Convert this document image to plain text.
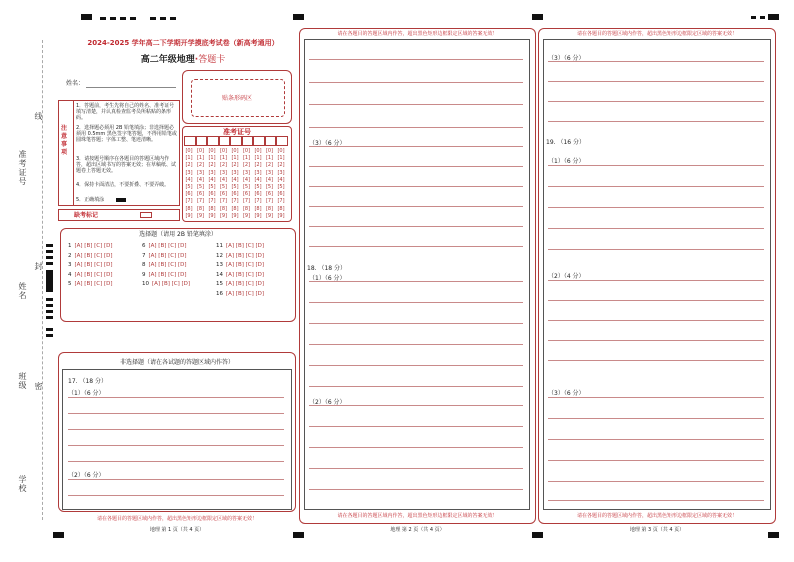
准考证号
线
姓名
封
班级 密
学校
2024-2025 学年高二下学期开学摸底考试卷（新高考通用）
高二年级地理·答题卡
姓名：
贴条形码区
注意事项
1．答题前，考生先将自己的姓名、准考证号填写清楚，并认真检查监考员所粘贴的条形码。
2．选择题必须用 2B 铅笔填涂；非选择题必须用 0.5mm 黑色签字笔答题，不得用铅笔或圆珠笔答题；字体工整、笔迹清晰。
3．请按题号顺序在各题目的答题区域内作答，超出区域书写的答案无效；在草稿纸、试题卷上答题无效。
4．保持卡面清洁，不要折叠、不要弄破。
5．正确填涂
准考证号
[0]
[1]
[2]
[3]
[4]
[5]
[6]
[7]
[8]
[9]
[0]
[1]
[2]
[3]
[4]
[5]
[6]
[7]
[8]
[9]
[0]
[1]
[2]
[3]
[4]
[5]
[6]
[7]
[8]
[9]
[0]
[1]
[2]
[3]
[4]
[5]
[6]
[7]
[8]
[9]
[0]
[1]
[2]
[3]
[4]
[5]
[6]
[7]
[8]
[9]
[0]
[1]
[2]
[3]
[4]
[5]
[6]
[7]
[8]
[9]
[0]
[1]
[2]
[3]
[4]
[5]
[6]
[7]
[8]
[9]
[0]
[1]
[2]
[3]
[4]
[5]
[6]
[7]
[8]
[9]
[0]
[1]
[2]
[3]
[4]
[5]
[6]
[7]
[8]
[9]
缺考标记
选择题（请用 2B 铅笔填涂）
1 [A] [B] [C] [D]
2 [A] [B] [C] [D]
3 [A] [B] [C] [D]
4 [A] [B] [C] [D]
5 [A] [B] [C] [D]
6 [A] [B] [C] [D]
7 [A] [B] [C] [D]
8 [A] [B] [C] [D]
9 [A] [B] [C] [D]
10 [A] [B] [C] [D]
11 [A] [B] [C] [D]
12 [A] [B] [C] [D]
13 [A] [B] [C] [D]
14 [A] [B] [C] [D]
15 [A] [B] [C] [D]
16 [A] [B] [C] [D]
非选择题（请在各试题的答题区域内作答）
17. （18 分）
（1）（6 分）
（2）（6 分）
请在各题目的答题区域内作答，超出黑色矩形边框限定区域的答案无效！
地理 第 1 页（共 4 页）
请在各题目的答题区域内作答，超出黑色矩形边框限定区域的答案无效！
（3）（6 分）
18. （18 分）
（1）（6 分）
（2）（6 分）
请在各题目的答题区域内作答，超出黑色矩形边框限定区域的答案无效！
地理 第 2 页（共 4 页）
请在各题目的答题区域内作答，超出黑色矩形边框限定区域的答案无效！
（3）（6 分）
19. （16 分）
（1）（6 分）
（2）（4 分）
（3）（6 分）
请在各题目的答题区域内作答，超出黑色矩形边框限定区域的答案无效！
地理 第 3 页（共 4 页）
